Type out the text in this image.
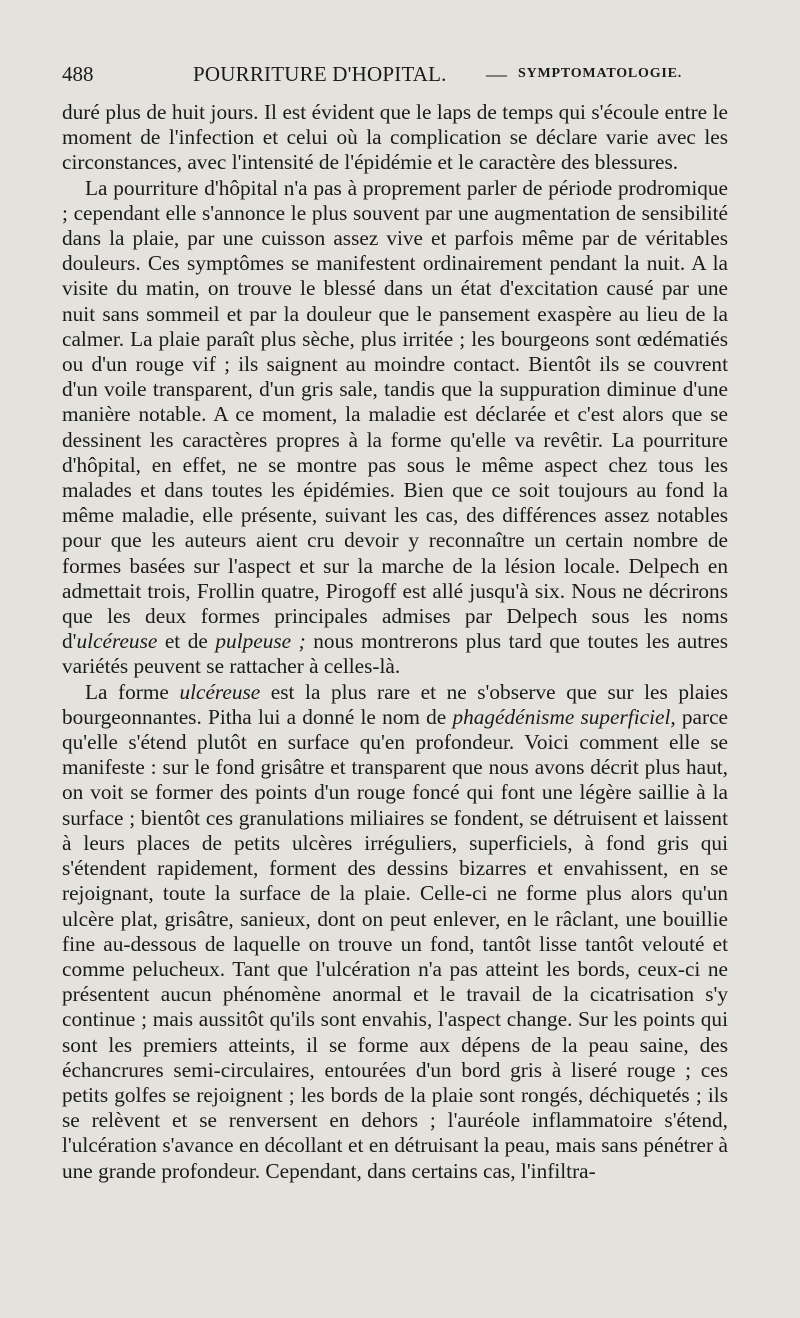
488	POURRITURE D'HOPITAL. — SYMPTOMATOLOGIE.

duré plus de huit jours. Il est évident que le laps de temps qui s'écoule entre le moment de l'infection et celui où la complication se déclare varie avec les circonstances, avec l'intensité de l'épidémie et le caractère des blessures.

La pourriture d'hôpital n'a pas à proprement parler de période prodromique ; cependant elle s'annonce le plus souvent par une augmentation de sensibilité dans la plaie, par une cuisson assez vive et parfois même par de véritables douleurs. Ces symptômes se manifestent ordinairement pendant la nuit. A la visite du matin, on trouve le blessé dans un état d'excitation causé par une nuit sans sommeil et par la douleur que le pansement exaspère au lieu de la calmer. La plaie paraît plus sèche, plus irritée ; les bourgeons sont œdématiés ou d'un rouge vif ; ils saignent au moindre contact. Bientôt ils se couvrent d'un voile transparent, d'un gris sale, tandis que la suppuration diminue d'une manière notable. A ce moment, la maladie est déclarée et c'est alors que se dessinent les caractères propres à la forme qu'elle va revêtir. La pourriture d'hôpital, en effet, ne se montre pas sous le même aspect chez tous les malades et dans toutes les épidémies. Bien que ce soit toujours au fond la même maladie, elle présente, suivant les cas, des différences assez notables pour que les auteurs aient cru devoir y reconnaître un certain nombre de formes basées sur l'aspect et sur la marche de la lésion locale. Delpech en admettait trois, Frollin quatre, Pirogoff est allé jusqu'à six. Nous ne décrirons que les deux formes principales admises par Delpech sous les noms d'ulcéreuse et de pulpeuse ; nous montrerons plus tard que toutes les autres variétés peuvent se rattacher à celles-là.

La forme ulcéreuse est la plus rare et ne s'observe que sur les plaies bourgeonnantes. Pitha lui a donné le nom de phagédénisme superficiel, parce qu'elle s'étend plutôt en surface qu'en profondeur. Voici comment elle se manifeste : sur le fond grisâtre et transparent que nous avons décrit plus haut, on voit se former des points d'un rouge foncé qui font une légère saillie à la surface ; bientôt ces granulations miliaires se fondent, se détruisent et laissent à leurs places de petits ulcères irréguliers, superficiels, à fond gris qui s'étendent rapidement, forment des dessins bizarres et envahissent, en se rejoignant, toute la surface de la plaie. Celle-ci ne forme plus alors qu'un ulcère plat, grisâtre, sanieux, dont on peut enlever, en le râclant, une bouillie fine au-dessous de laquelle on trouve un fond, tantôt lisse tantôt velouté et comme pelucheux. Tant que l'ulcération n'a pas atteint les bords, ceux-ci ne présentent aucun phénomène anormal et le travail de la cicatrisation s'y continue ; mais aussitôt qu'ils sont envahis, l'aspect change. Sur les points qui sont les premiers atteints, il se forme aux dépens de la peau saine, des échancrures semi-circulaires, entourées d'un bord gris à liseré rouge ; ces petits golfes se rejoignent ; les bords de la plaie sont rongés, déchiquetés ; ils se relèvent et se renversent en dehors ; l'auréole inflammatoire s'étend, l'ulcération s'avance en décollant et en détruisant la peau, mais sans pénétrer à une grande profondeur. Cependant, dans certains cas, l'infiltra-
